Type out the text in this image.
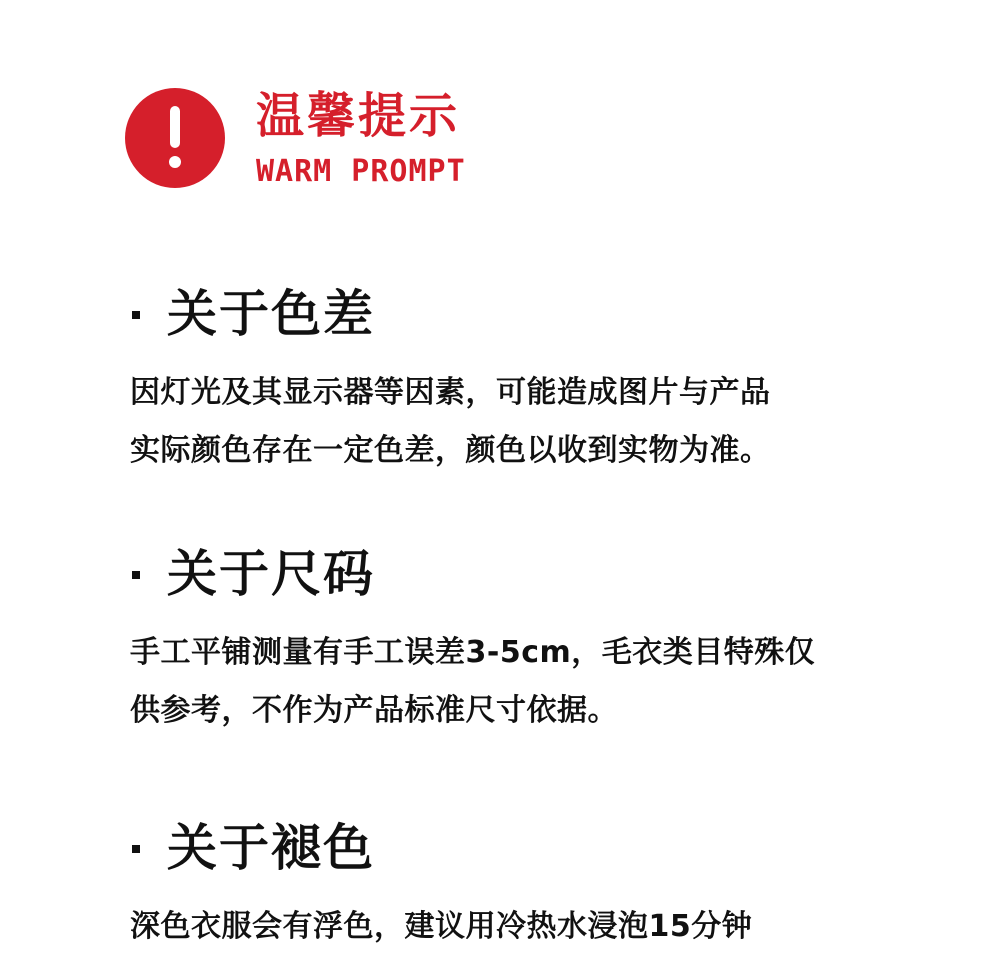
温馨提示
WARM PROMPT
关于色差
因灯光及其显示器等因素，可能造成图片与产品
实际颜色存在一定色差，颜色以收到实物为准。
关于尺码
手工平铺测量有手工误差3-5cm，毛衣类目特殊仅
供参考，不作为产品标准尺寸依据。
关于褪色
深色衣服会有浮色，建议用冷热水浸泡15分钟
